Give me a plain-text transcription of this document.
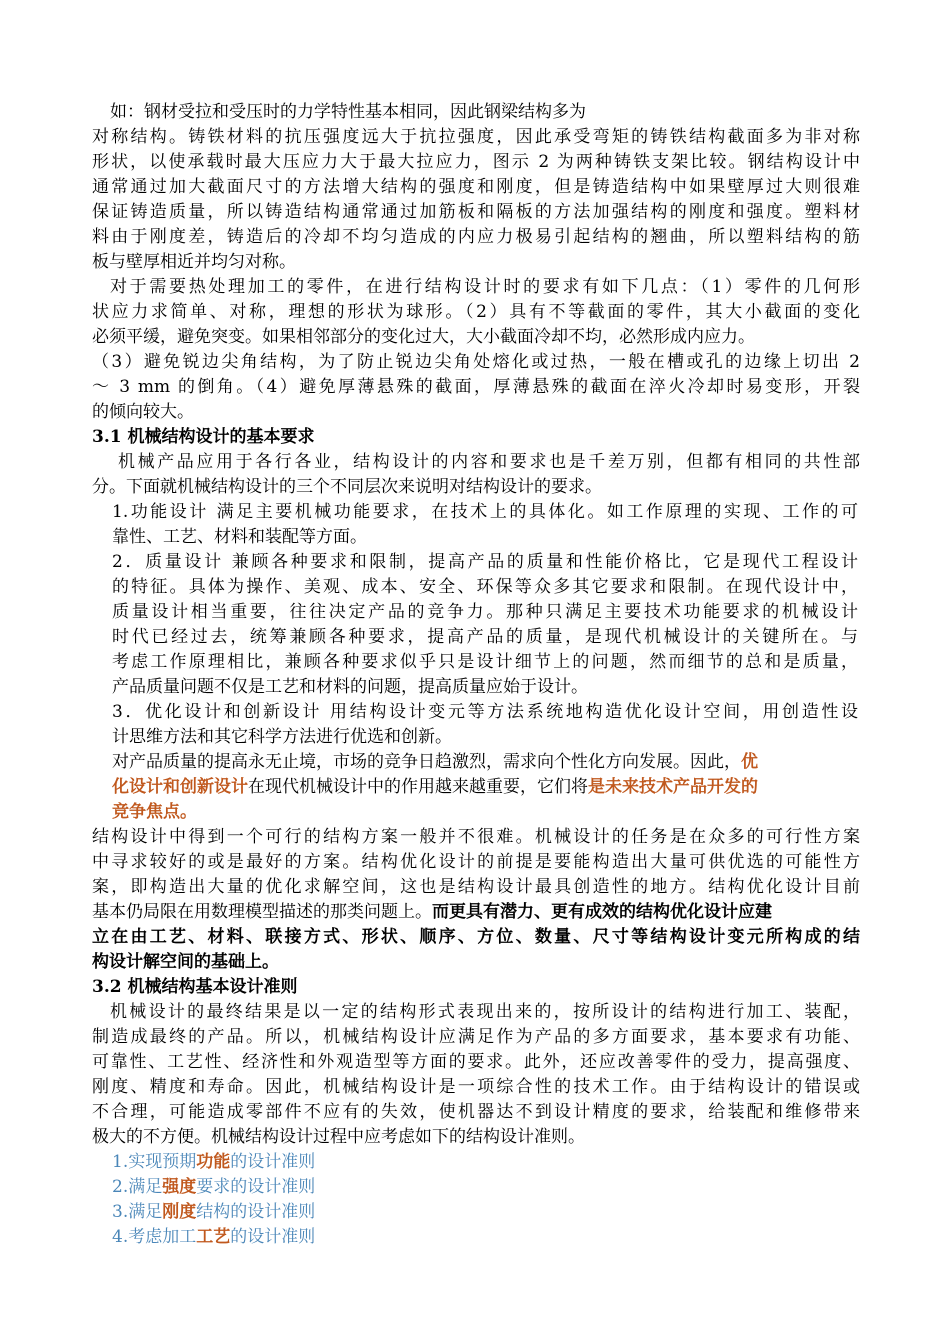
如：钢材受拉和受压时的力学特性基本相同，因此钢梁结构多为
对称结构。铸铁材料的抗压强度远大于抗拉强度，因此承受弯矩的铸铁结构截面多为非对称
形状，以使承载时最大压应力大于最大拉应力，图示 2 为两种铸铁支架比较。钢结构设计中
通常通过加大截面尺寸的方法增大结构的强度和刚度，但是铸造结构中如果壁厚过大则很难
保证铸造质量，所以铸造结构通常通过加筋板和隔板的方法加强结构的刚度和强度。塑料材
料由于刚度差，铸造后的冷却不均匀造成的内应力极易引起结构的翘曲，所以塑料结构的筋
板与壁厚相近并均匀对称。
对于需要热处理加工的零件，在进行结构设计时的要求有如下几点：（1）零件的几何形
状应力求简单、对称，理想的形状为球形。（2）具有不等截面的零件，其大小截面的变化
必须平缓，避免突变。如果相邻部分的变化过大，大小截面冷却不均，必然形成内应力。
（3）避免锐边尖角结构，为了防止锐边尖角处熔化或过热，一般在槽或孔的边缘上切出 2
～ 3 mm 的倒角。（4）避免厚薄悬殊的截面，厚薄悬殊的截面在淬火冷却时易变形，开裂
的倾向较大。
3.1 机械结构设计的基本要求
机械产品应用于各行各业，结构设计的内容和要求也是千差万别，但都有相同的共性部
分。下面就机械结构设计的三个不同层次来说明对结构设计的要求。
1.功能设计 满足主要机械功能要求，在技术上的具体化。如工作原理的实现、工作的可
靠性、工艺、材料和装配等方面。
2．质量设计 兼顾各种要求和限制，提高产品的质量和性能价格比，它是现代工程设计
的特征。具体为操作、美观、成本、安全、环保等众多其它要求和限制。在现代设计中，
质量设计相当重要，往往决定产品的竞争力。那种只满足主要技术功能要求的机械设计
时代已经过去，统筹兼顾各种要求，提高产品的质量，是现代机械设计的关键所在。与
考虑工作原理相比，兼顾各种要求似乎只是设计细节上的问题，然而细节的总和是质量，
产品质量问题不仅是工艺和材料的问题，提高质量应始于设计。
3．优化设计和创新设计 用结构设计变元等方法系统地构造优化设计空间，用创造性设
计思维方法和其它科学方法进行优选和创新。
对产品质量的提高永无止境，市场的竞争日趋激烈，需求向个性化方向发展。因此，优
化设计和创新设计在现代机械设计中的作用越来越重要，它们将是未来技术产品开发的
竞争焦点。
结构设计中得到一个可行的结构方案一般并不很难。机械设计的任务是在众多的可行性方案
中寻求较好的或是最好的方案。结构优化设计的前提是要能构造出大量可供优选的可能性方
案，即构造出大量的优化求解空间，这也是结构设计最具创造性的地方。结构优化设计目前
基本仍局限在用数理模型描述的那类问题上。而更具有潜力、更有成效的结构优化设计应建
立在由工艺、材料、联接方式、形状、顺序、方位、数量、尺寸等结构设计变元所构成的结
构设计解空间的基础上。
3.2 机械结构基本设计准则
机械设计的最终结果是以一定的结构形式表现出来的，按所设计的结构进行加工、装配，
制造成最终的产品。所以，机械结构设计应满足作为产品的多方面要求，基本要求有功能、
可靠性、工艺性、经济性和外观造型等方面的要求。此外，还应改善零件的受力，提高强度、
刚度、精度和寿命。因此，机械结构设计是一项综合性的技术工作。由于结构设计的错误或
不合理，可能造成零部件不应有的失效，使机器达不到设计精度的要求，给装配和维修带来
极大的不方便。机械结构设计过程中应考虑如下的结构设计准则。
1.实现预期功能的设计准则
2.满足强度要求的设计准则
3.满足刚度结构的设计准则
4.考虑加工工艺的设计准则
